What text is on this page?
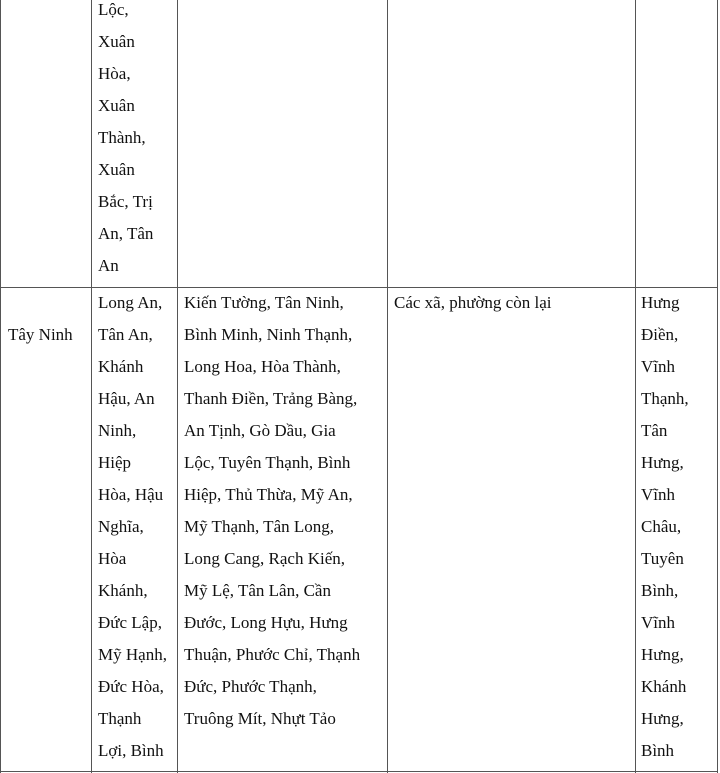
Lộc,
Xuân
Hòa,
Xuân
Thành,
Xuân
Bắc, Trị
An, Tân
An

Tây Ninh

Long An,
Tân An,
Khánh
Hậu, An
Ninh,
Hiệp
Hòa, Hậu
Nghĩa,
Hòa
Khánh,
Đức Lập,
Mỹ Hạnh,
Đức Hòa,
Thạnh
Lợi, Bình
Kiến Tường, Tân Ninh,
Bình Minh, Ninh Thạnh,
Long Hoa, Hòa Thành,
Thanh Điền, Trảng Bàng,
An Tịnh, Gò Dầu, Gia
Lộc, Tuyên Thạnh, Bình
Hiệp, Thủ Thừa, Mỹ An,
Mỹ Thạnh, Tân Long,
Long Cang, Rạch Kiến,
Mỹ Lệ, Tân Lân, Cần
Đước, Long Hựu, Hưng
Thuận, Phước Chỉ, Thạnh
Đức, Phước Thạnh,
Truông Mít, Nhựt Tảo
Các xã, phường còn lại	Hưng
Điền,
Vĩnh
Thạnh,
Tân
Hưng,
Vĩnh
Châu,
Tuyên
Bình,
Vĩnh
Hưng,
Khánh
Hưng,
Bình
